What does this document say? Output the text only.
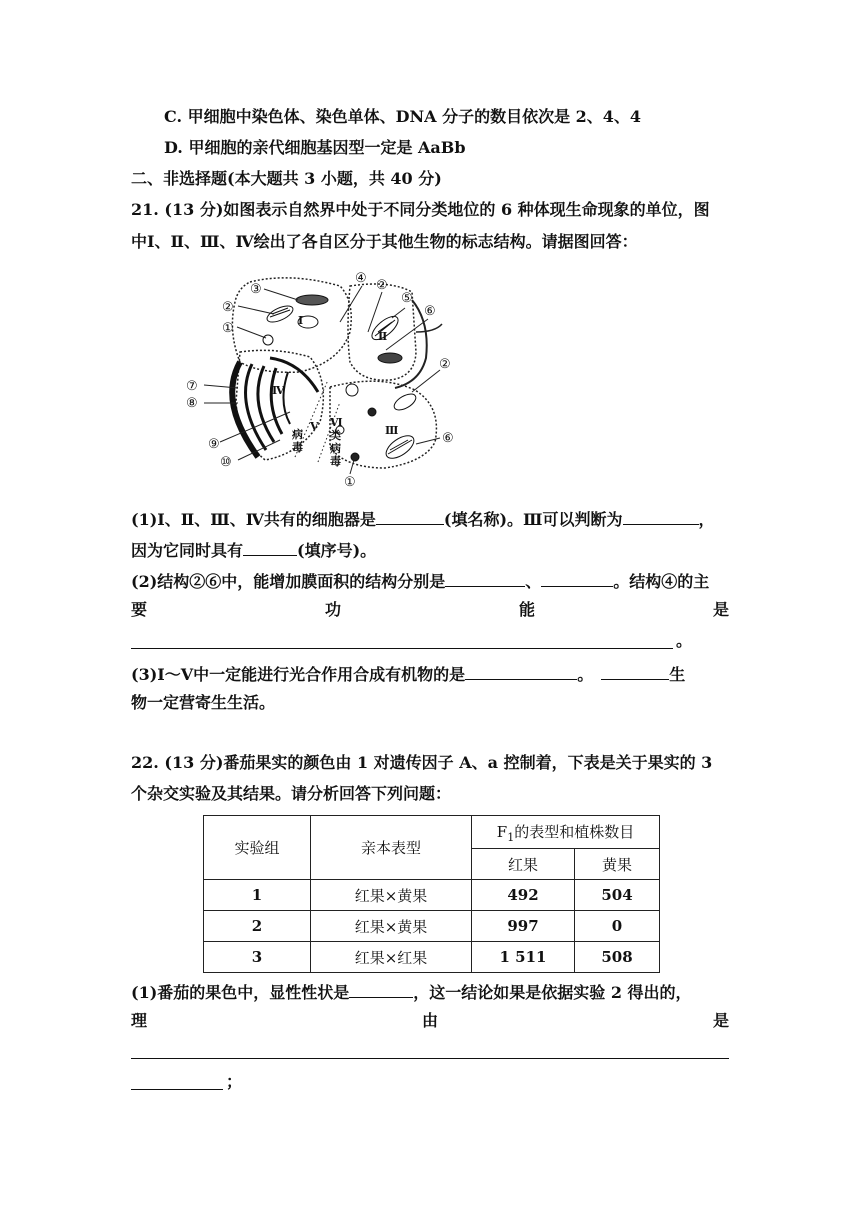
C. 甲细胞中染色体、染色单体、DNA 分子的数目依次是 2、4、4
D. 甲细胞的亲代细胞基因型一定是 AaBb
二、非选择题(本大题共 3 小题，共 40 分)
21. (13 分)如图表示自然界中处于不同分类地位的 6 种体现生命现象的单位，图
中Ⅰ、Ⅱ、Ⅲ、Ⅳ绘出了各自区分于其他生物的标志结构。请据图回答：
③
④ ②
⑤
⑥
②
①
⑦
⑧
②
⑨
⑩
⑥
①
Ⅰ
Ⅱ
Ⅲ
Ⅳ
Ⅴ
病
毒
Ⅵ
类
病
毒
(1)Ⅰ、Ⅱ、Ⅲ、Ⅳ共有的细胞器是	(填名称)。Ⅲ可以判断为	，
因为它同时具有	(填序号)。
(2)结构②⑥中，能增加膜面积的结构分别是	、	。结构④的主
要	功	能	是
。
(3)Ⅰ～Ⅴ中一定能进行光合作用合成有机物的是	。	生
物一定营寄生生活。
22. (13 分)番茄果实的颜色由 1 对遗传因子 A、a 控制着，下表是关于果实的 3
个杂交实验及其结果。请分析回答下列问题：
实验组	亲本表型	$F_1$的表型和植株数目	
		红果	黄果
1	红果×黄果	492	504
2	红果×黄果	997	0
3	红果×红果	1 511	508
(1)番茄的果色中，显性性状是	，这一结论如果是依据实验 2 得出的，
理	由	是
；
